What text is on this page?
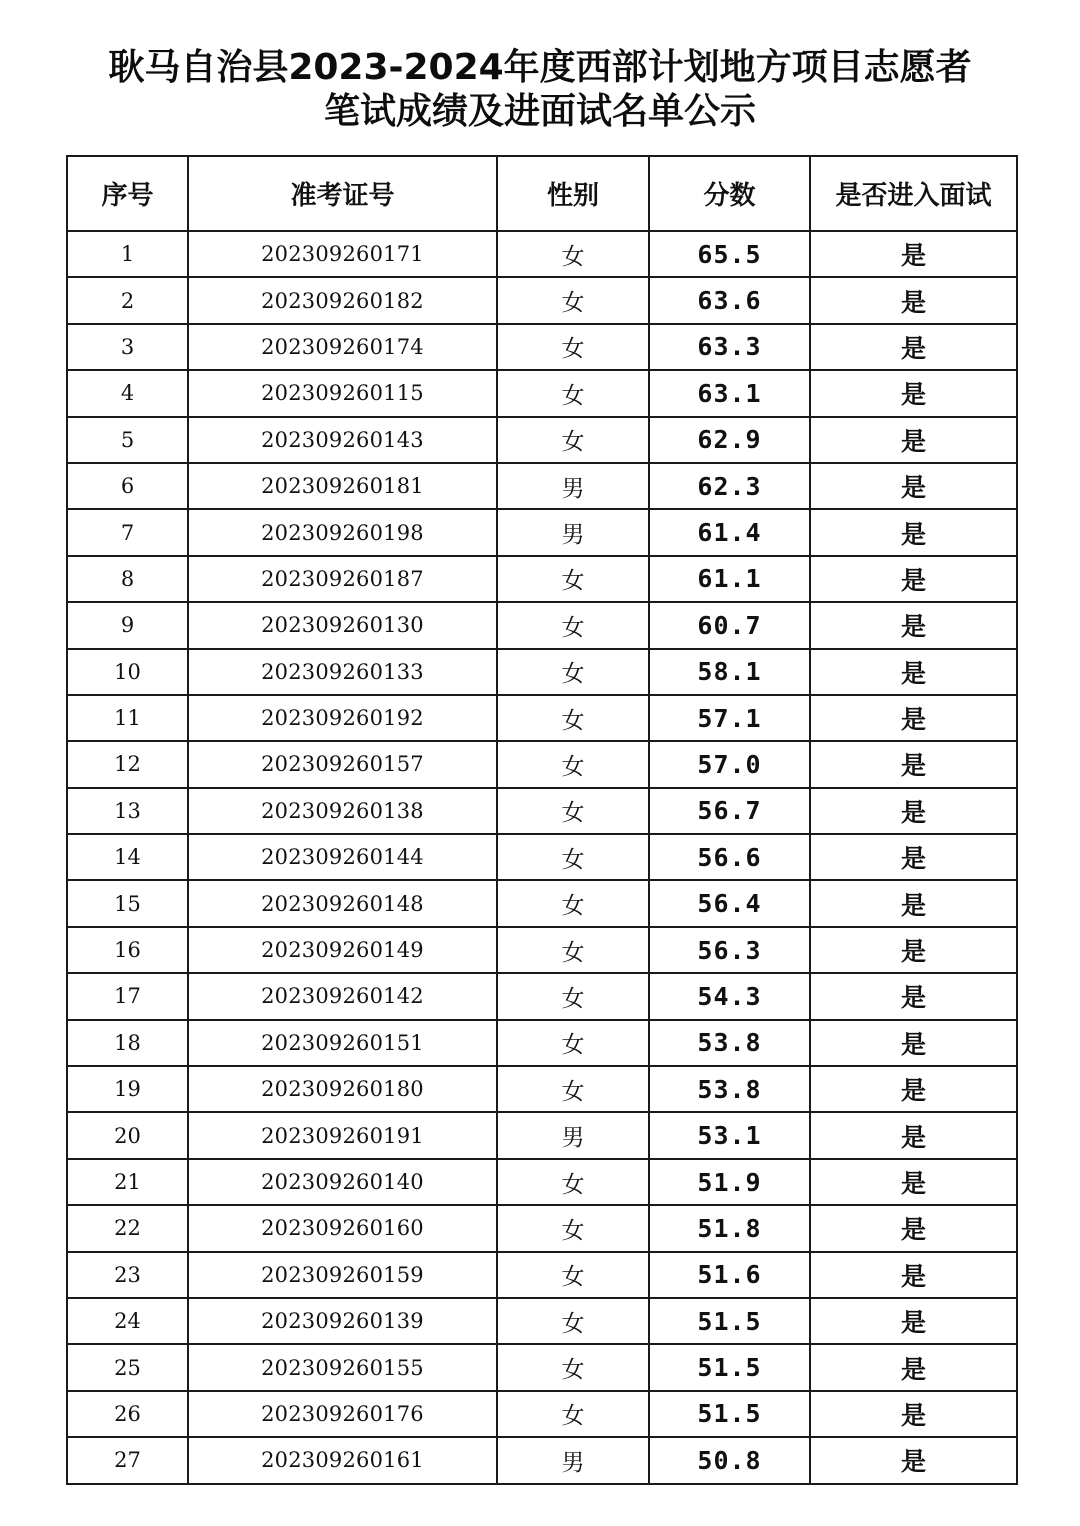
耿马自治县2023-2024年度西部计划地方项目志愿者
笔试成绩及进面试名单公示
序号	准考证号	性别	分数	是否进入面试
1	202309260171	女	65.5	是
2	202309260182	女	63.6	是
3	202309260174	女	63.3	是
4	202309260115	女	63.1	是
5	202309260143	女	62.9	是
6	202309260181	男	62.3	是
7	202309260198	男	61.4	是
8	202309260187	女	61.1	是
9	202309260130	女	60.7	是
10	202309260133	女	58.1	是
11	202309260192	女	57.1	是
12	202309260157	女	57.0	是
13	202309260138	女	56.7	是
14	202309260144	女	56.6	是
15	202309260148	女	56.4	是
16	202309260149	女	56.3	是
17	202309260142	女	54.3	是
18	202309260151	女	53.8	是
19	202309260180	女	53.8	是
20	202309260191	男	53.1	是
21	202309260140	女	51.9	是
22	202309260160	女	51.8	是
23	202309260159	女	51.6	是
24	202309260139	女	51.5	是
25	202309260155	女	51.5	是
26	202309260176	女	51.5	是
27	202309260161	男	50.8	是
